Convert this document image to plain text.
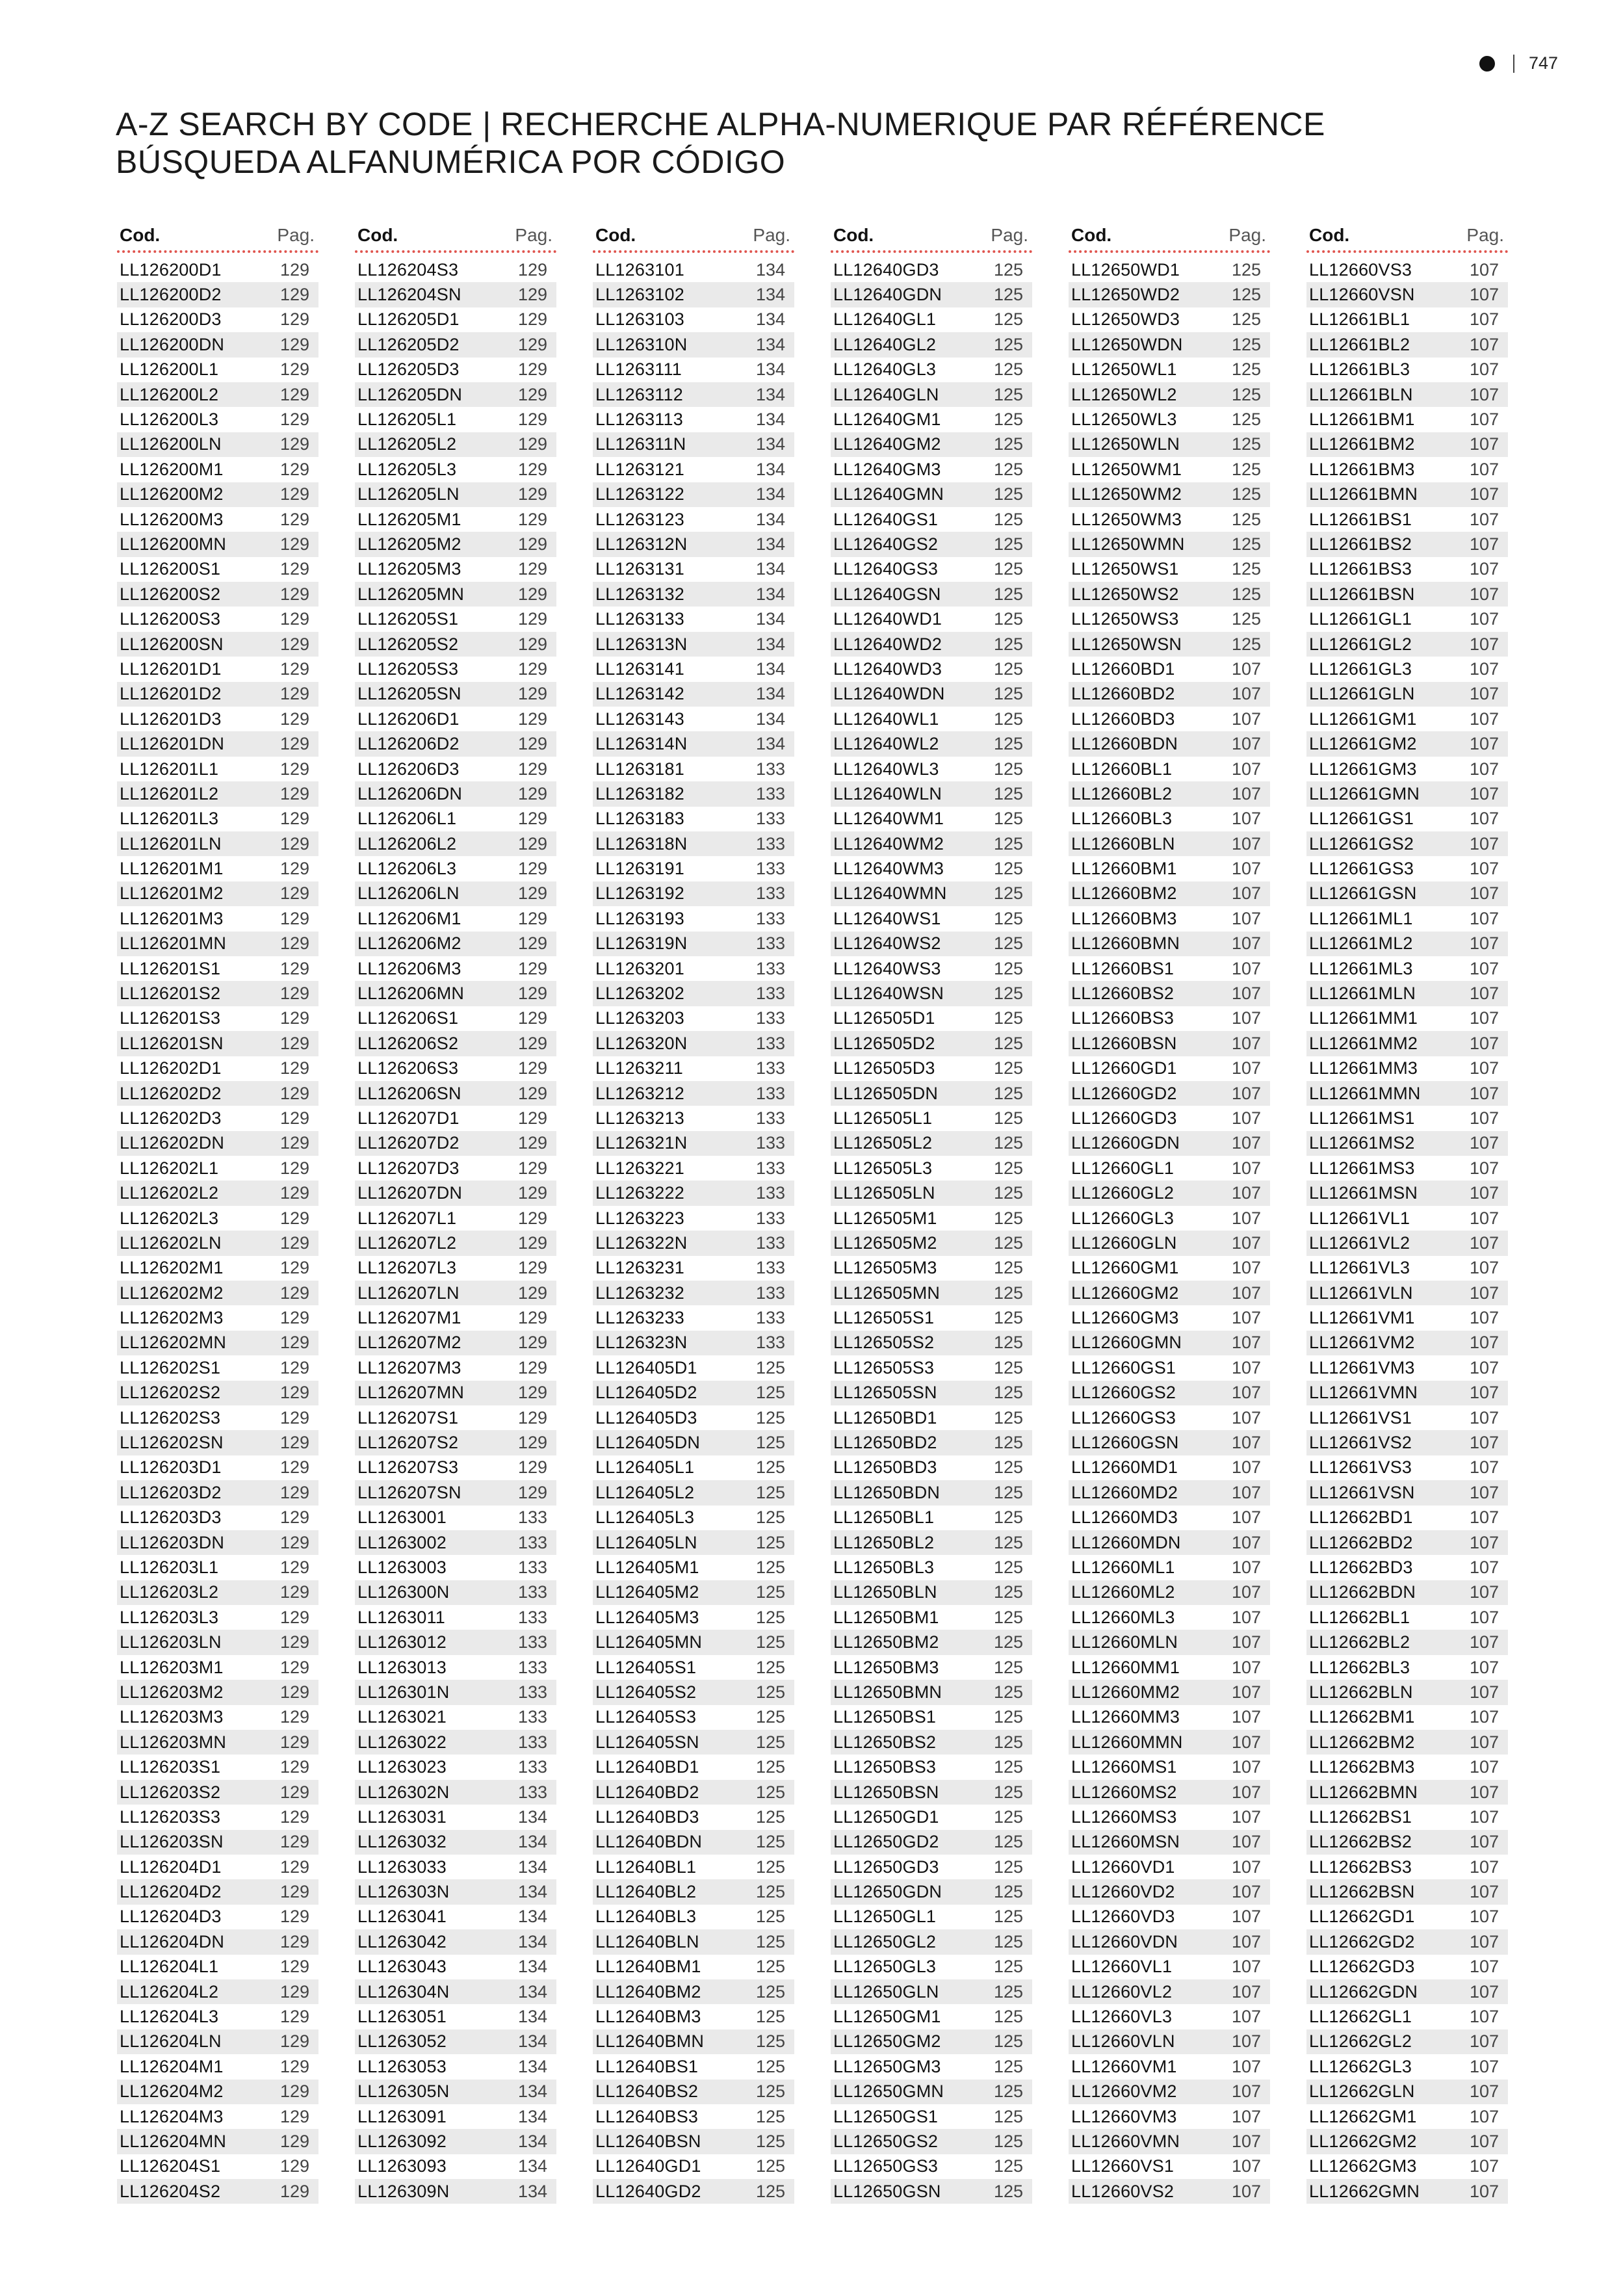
747
A-Z SEARCH BY CODE | RECHERCHE ALPHA-NUMERIQUE PAR RÉFÉRENCE
BÚSQUEDA ALFANUMÉRICA POR CÓDIGO
Cod.	Pag.
LL126200D1	129
LL126200D2	129
LL126200D3	129
LL126200DN	129
LL126200L1	129
LL126200L2	129
LL126200L3	129
LL126200LN	129
LL126200M1	129
LL126200M2	129
LL126200M3	129
LL126200MN	129
LL126200S1	129
LL126200S2	129
LL126200S3	129
LL126200SN	129
LL126201D1	129
LL126201D2	129
LL126201D3	129
LL126201DN	129
LL126201L1	129
LL126201L2	129
LL126201L3	129
LL126201LN	129
LL126201M1	129
LL126201M2	129
LL126201M3	129
LL126201MN	129
LL126201S1	129
LL126201S2	129
LL126201S3	129
LL126201SN	129
LL126202D1	129
LL126202D2	129
LL126202D3	129
LL126202DN	129
LL126202L1	129
LL126202L2	129
LL126202L3	129
LL126202LN	129
LL126202M1	129
LL126202M2	129
LL126202M3	129
LL126202MN	129
LL126202S1	129
LL126202S2	129
LL126202S3	129
LL126202SN	129
LL126203D1	129
LL126203D2	129
LL126203D3	129
LL126203DN	129
LL126203L1	129
LL126203L2	129
LL126203L3	129
LL126203LN	129
LL126203M1	129
LL126203M2	129
LL126203M3	129
LL126203MN	129
LL126203S1	129
LL126203S2	129
LL126203S3	129
LL126203SN	129
LL126204D1	129
LL126204D2	129
LL126204D3	129
LL126204DN	129
LL126204L1	129
LL126204L2	129
LL126204L3	129
LL126204LN	129
LL126204M1	129
LL126204M2	129
LL126204M3	129
LL126204MN	129
LL126204S1	129
LL126204S2	129
Cod.	Pag.
LL126204S3	129
LL126204SN	129
LL126205D1	129
LL126205D2	129
LL126205D3	129
LL126205DN	129
LL126205L1	129
LL126205L2	129
LL126205L3	129
LL126205LN	129
LL126205M1	129
LL126205M2	129
LL126205M3	129
LL126205MN	129
LL126205S1	129
LL126205S2	129
LL126205S3	129
LL126205SN	129
LL126206D1	129
LL126206D2	129
LL126206D3	129
LL126206DN	129
LL126206L1	129
LL126206L2	129
LL126206L3	129
LL126206LN	129
LL126206M1	129
LL126206M2	129
LL126206M3	129
LL126206MN	129
LL126206S1	129
LL126206S2	129
LL126206S3	129
LL126206SN	129
LL126207D1	129
LL126207D2	129
LL126207D3	129
LL126207DN	129
LL126207L1	129
LL126207L2	129
LL126207L3	129
LL126207LN	129
LL126207M1	129
LL126207M2	129
LL126207M3	129
LL126207MN	129
LL126207S1	129
LL126207S2	129
LL126207S3	129
LL126207SN	129
LL1263001	133
LL1263002	133
LL1263003	133
LL126300N	133
LL1263011	133
LL1263012	133
LL1263013	133
LL126301N	133
LL1263021	133
LL1263022	133
LL1263023	133
LL126302N	133
LL1263031	134
LL1263032	134
LL1263033	134
LL126303N	134
LL1263041	134
LL1263042	134
LL1263043	134
LL126304N	134
LL1263051	134
LL1263052	134
LL1263053	134
LL126305N	134
LL1263091	134
LL1263092	134
LL1263093	134
LL126309N	134
Cod.	Pag.
LL1263101	134
LL1263102	134
LL1263103	134
LL126310N	134
LL1263111	134
LL1263112	134
LL1263113	134
LL126311N	134
LL1263121	134
LL1263122	134
LL1263123	134
LL126312N	134
LL1263131	134
LL1263132	134
LL1263133	134
LL126313N	134
LL1263141	134
LL1263142	134
LL1263143	134
LL126314N	134
LL1263181	133
LL1263182	133
LL1263183	133
LL126318N	133
LL1263191	133
LL1263192	133
LL1263193	133
LL126319N	133
LL1263201	133
LL1263202	133
LL1263203	133
LL126320N	133
LL1263211	133
LL1263212	133
LL1263213	133
LL126321N	133
LL1263221	133
LL1263222	133
LL1263223	133
LL126322N	133
LL1263231	133
LL1263232	133
LL1263233	133
LL126323N	133
LL126405D1	125
LL126405D2	125
LL126405D3	125
LL126405DN	125
LL126405L1	125
LL126405L2	125
LL126405L3	125
LL126405LN	125
LL126405M1	125
LL126405M2	125
LL126405M3	125
LL126405MN	125
LL126405S1	125
LL126405S2	125
LL126405S3	125
LL126405SN	125
LL12640BD1	125
LL12640BD2	125
LL12640BD3	125
LL12640BDN	125
LL12640BL1	125
LL12640BL2	125
LL12640BL3	125
LL12640BLN	125
LL12640BM1	125
LL12640BM2	125
LL12640BM3	125
LL12640BMN	125
LL12640BS1	125
LL12640BS2	125
LL12640BS3	125
LL12640BSN	125
LL12640GD1	125
LL12640GD2	125
Cod.	Pag.
LL12640GD3	125
LL12640GDN	125
LL12640GL1	125
LL12640GL2	125
LL12640GL3	125
LL12640GLN	125
LL12640GM1	125
LL12640GM2	125
LL12640GM3	125
LL12640GMN	125
LL12640GS1	125
LL12640GS2	125
LL12640GS3	125
LL12640GSN	125
LL12640WD1	125
LL12640WD2	125
LL12640WD3	125
LL12640WDN	125
LL12640WL1	125
LL12640WL2	125
LL12640WL3	125
LL12640WLN	125
LL12640WM1	125
LL12640WM2	125
LL12640WM3	125
LL12640WMN	125
LL12640WS1	125
LL12640WS2	125
LL12640WS3	125
LL12640WSN	125
LL126505D1	125
LL126505D2	125
LL126505D3	125
LL126505DN	125
LL126505L1	125
LL126505L2	125
LL126505L3	125
LL126505LN	125
LL126505M1	125
LL126505M2	125
LL126505M3	125
LL126505MN	125
LL126505S1	125
LL126505S2	125
LL126505S3	125
LL126505SN	125
LL12650BD1	125
LL12650BD2	125
LL12650BD3	125
LL12650BDN	125
LL12650BL1	125
LL12650BL2	125
LL12650BL3	125
LL12650BLN	125
LL12650BM1	125
LL12650BM2	125
LL12650BM3	125
LL12650BMN	125
LL12650BS1	125
LL12650BS2	125
LL12650BS3	125
LL12650BSN	125
LL12650GD1	125
LL12650GD2	125
LL12650GD3	125
LL12650GDN	125
LL12650GL1	125
LL12650GL2	125
LL12650GL3	125
LL12650GLN	125
LL12650GM1	125
LL12650GM2	125
LL12650GM3	125
LL12650GMN	125
LL12650GS1	125
LL12650GS2	125
LL12650GS3	125
LL12650GSN	125
Cod.	Pag.
LL12650WD1	125
LL12650WD2	125
LL12650WD3	125
LL12650WDN	125
LL12650WL1	125
LL12650WL2	125
LL12650WL3	125
LL12650WLN	125
LL12650WM1	125
LL12650WM2	125
LL12650WM3	125
LL12650WMN	125
LL12650WS1	125
LL12650WS2	125
LL12650WS3	125
LL12650WSN	125
LL12660BD1	107
LL12660BD2	107
LL12660BD3	107
LL12660BDN	107
LL12660BL1	107
LL12660BL2	107
LL12660BL3	107
LL12660BLN	107
LL12660BM1	107
LL12660BM2	107
LL12660BM3	107
LL12660BMN	107
LL12660BS1	107
LL12660BS2	107
LL12660BS3	107
LL12660BSN	107
LL12660GD1	107
LL12660GD2	107
LL12660GD3	107
LL12660GDN	107
LL12660GL1	107
LL12660GL2	107
LL12660GL3	107
LL12660GLN	107
LL12660GM1	107
LL12660GM2	107
LL12660GM3	107
LL12660GMN	107
LL12660GS1	107
LL12660GS2	107
LL12660GS3	107
LL12660GSN	107
LL12660MD1	107
LL12660MD2	107
LL12660MD3	107
LL12660MDN	107
LL12660ML1	107
LL12660ML2	107
LL12660ML3	107
LL12660MLN	107
LL12660MM1	107
LL12660MM2	107
LL12660MM3	107
LL12660MMN	107
LL12660MS1	107
LL12660MS2	107
LL12660MS3	107
LL12660MSN	107
LL12660VD1	107
LL12660VD2	107
LL12660VD3	107
LL12660VDN	107
LL12660VL1	107
LL12660VL2	107
LL12660VL3	107
LL12660VLN	107
LL12660VM1	107
LL12660VM2	107
LL12660VM3	107
LL12660VMN	107
LL12660VS1	107
LL12660VS2	107
Cod.	Pag.
LL12660VS3	107
LL12660VSN	107
LL12661BL1	107
LL12661BL2	107
LL12661BL3	107
LL12661BLN	107
LL12661BM1	107
LL12661BM2	107
LL12661BM3	107
LL12661BMN	107
LL12661BS1	107
LL12661BS2	107
LL12661BS3	107
LL12661BSN	107
LL12661GL1	107
LL12661GL2	107
LL12661GL3	107
LL12661GLN	107
LL12661GM1	107
LL12661GM2	107
LL12661GM3	107
LL12661GMN	107
LL12661GS1	107
LL12661GS2	107
LL12661GS3	107
LL12661GSN	107
LL12661ML1	107
LL12661ML2	107
LL12661ML3	107
LL12661MLN	107
LL12661MM1	107
LL12661MM2	107
LL12661MM3	107
LL12661MMN	107
LL12661MS1	107
LL12661MS2	107
LL12661MS3	107
LL12661MSN	107
LL12661VL1	107
LL12661VL2	107
LL12661VL3	107
LL12661VLN	107
LL12661VM1	107
LL12661VM2	107
LL12661VM3	107
LL12661VMN	107
LL12661VS1	107
LL12661VS2	107
LL12661VS3	107
LL12661VSN	107
LL12662BD1	107
LL12662BD2	107
LL12662BD3	107
LL12662BDN	107
LL12662BL1	107
LL12662BL2	107
LL12662BL3	107
LL12662BLN	107
LL12662BM1	107
LL12662BM2	107
LL12662BM3	107
LL12662BMN	107
LL12662BS1	107
LL12662BS2	107
LL12662BS3	107
LL12662BSN	107
LL12662GD1	107
LL12662GD2	107
LL12662GD3	107
LL12662GDN	107
LL12662GL1	107
LL12662GL2	107
LL12662GL3	107
LL12662GLN	107
LL12662GM1	107
LL12662GM2	107
LL12662GM3	107
LL12662GMN	107
